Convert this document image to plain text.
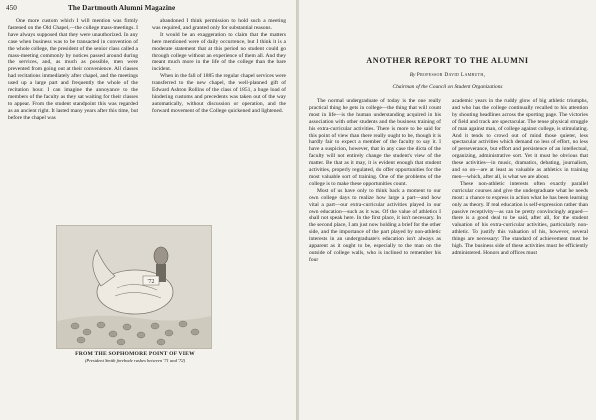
450	The Dartmouth Alumni Magazine

One more custom which I will mention was firmly fastened on the Old Chapel,—the college mass-meetings. I have always supposed that they were unauthorized. In any case when business was to be transacted in convention of the whole college, the president of the senior class called a mass-meeting commonly by notices passed around during the services, and, as much as possible, men were prevented from going out at their convenience. All classes had recitations immediately after chapel, and the meetings used up a large part and frequently the whole of the recitation hour. I can imagine the annoyance to the members of the faculty as they sat waiting for their classes to appear. From the student standpoint this was regarded as an ancient right. It lasted many years after this time, but before the chapel was

abandoned I think permission to hold such a meeting was required, and granted only for substantial reasons.

It would be an exaggeration to claim that the matters here mentioned were of daily occurrence, but I think it is a moderate statement that at this period no student could go through college without an experience of them all. And they meant much more in the life of the college than the bare incident.

When in the fall of 1885 the regular chapel services were transferred to the new chapel, the well-planned gift of Edward Ashton Rollins of the class of 1851, a huge load of hindering customs and precedents was taken out of the way automatically, without discussion or operation, and the forward movement of the College quickened and lightened.

'72
FROM THE SOPHOMORE POINT OF VIEW
(President Smith forebode rushes between '71 and '72)
ANOTHER REPORT TO THE ALUMNI
By Professor David Lambuth,
Chairman of the Council on Student Organizations

The normal undergraduate of today is the one really practical thing he gets in college—the thing that will count most in life—is the human understanding acquired in his association with other students and the business training of his extra-curricular activities. There is more to be said for this point of view than there really ought to be, though it is hardly fair to expect a member of the faculty to say it. I have a suspicion, however, that in any case the dicta of the faculty will not entirely change the student's view of the matter. Be that as it may, it is evident enough that student activities, properly regulated, do offer opportunities for the most valuable sort of training. One of the problems of the college is to make these opportunities count.

Most of us have only to think back a moment to our own college days to realize how large a part—and how vital a part—our extra-curricular activities played in our own education—such as it was. Of the value of athletics I shall not speak here. In the first place, it isn't necessary. In the second place, I am just now holding a brief for the other side, and the importance of the part played by non-athletic interests in an undergraduate's education isn't always as apparent as it ought to be, especially to the man on the outside of college walls, who is inclined to remember his four

academic years in the ruddy glow of big athletic triumphs, and who has the college continually recalled to his attention by shouting headlines across the sporting page. The victories of field and track are spectacular. The tense physical struggle of man against man, of college against college, is stimulating. And it tends to crowd out of mind those quieter, less spectacular activities which demand no less of effort, no less of perseverance, but effort and persistence of an intellectual, organizing, administrative sort. Yet it must be obvious that these activities—in music, dramatics, debating, journalism, and so on—are at least as valuable as athletics in training men—which, after all, is what we are about.

These non-athletic interests often exactly parallel curricular courses and give the undergraduate what he needs most: a chance to express in action what he has been learning only as theory. If real education is self-expression rather than passive receptivity—as can be pretty convincingly argued—there is a good deal to be said, after all, for the student valuation of his extra-curricular activities, particularly non-athletic. To justify this valuation of his, however, several things are necessary: The standard of achievement must be high. The business side of these activities must be efficiently administered. Honors and offices must
